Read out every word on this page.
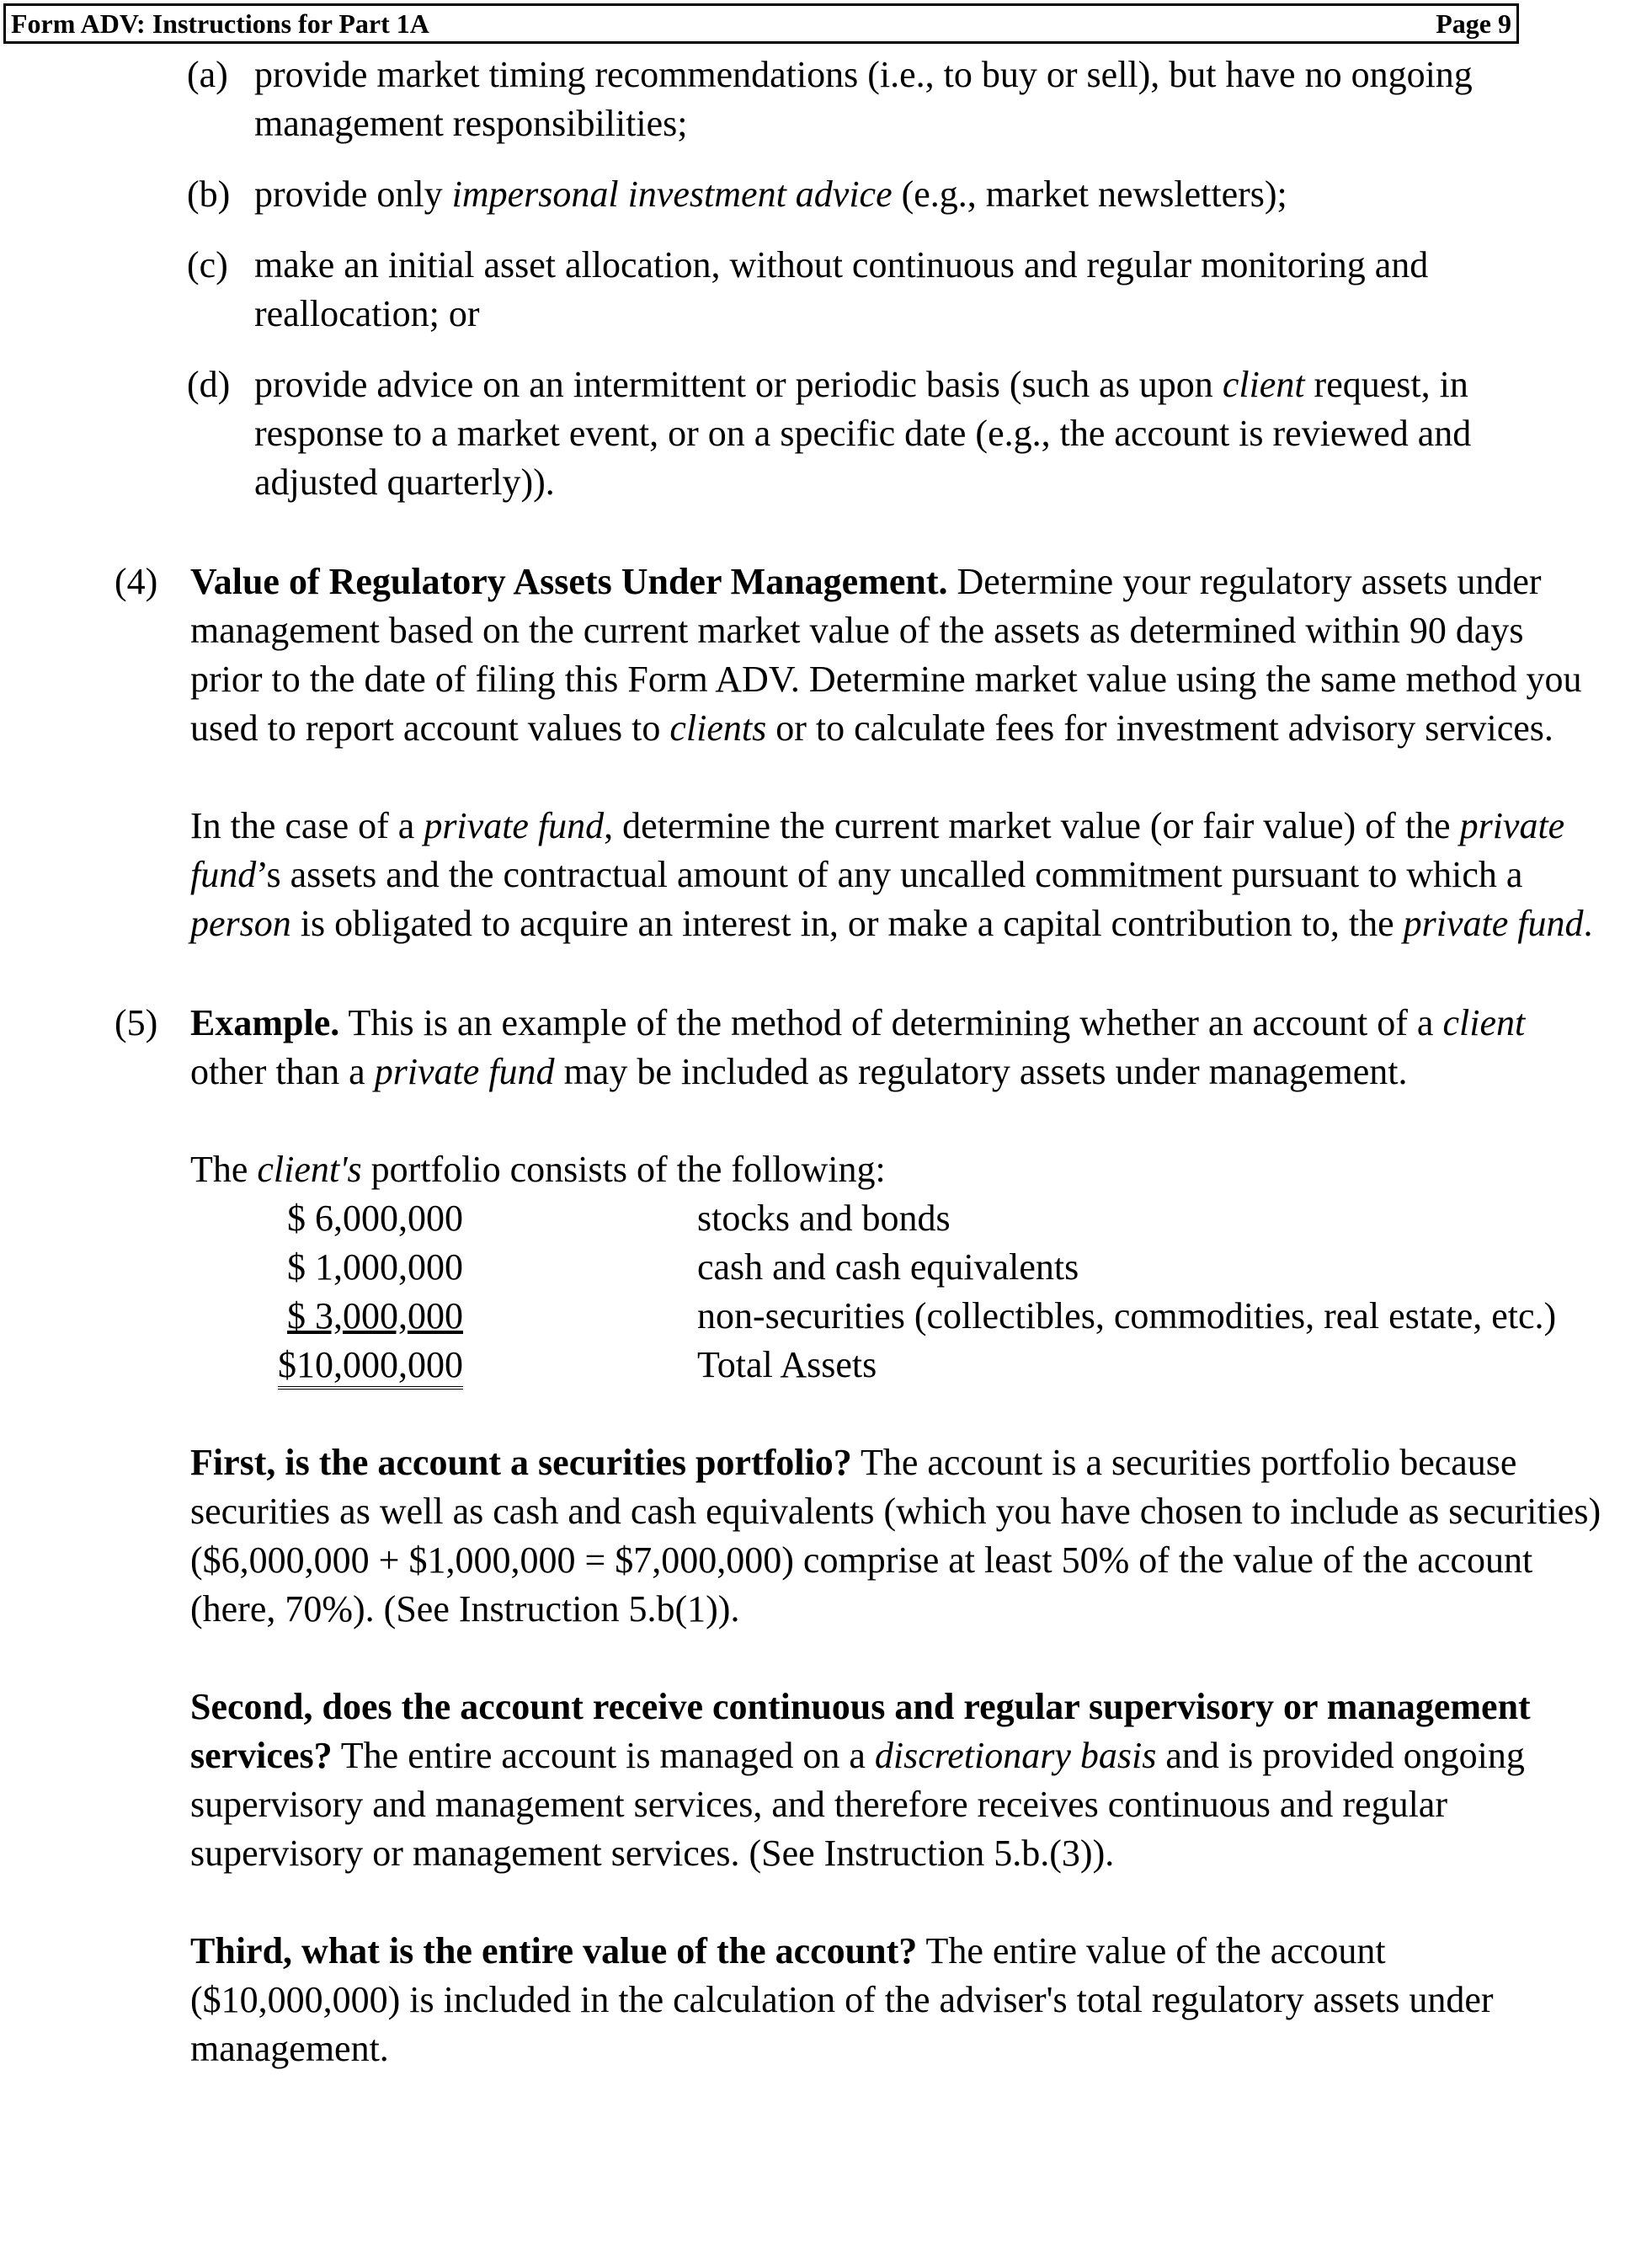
Form ADV: Instructions for Part 1A	Page 9
(a) provide market timing recommendations (i.e., to buy or sell), but have no ongoing management responsibilities;
(b) provide only impersonal investment advice (e.g., market newsletters);
(c) make an initial asset allocation, without continuous and regular monitoring and reallocation; or
(d) provide advice on an intermittent or periodic basis (such as upon client request, in response to a market event, or on a specific date (e.g., the account is reviewed and adjusted quarterly)).
(4) Value of Regulatory Assets Under Management. Determine your regulatory assets under management based on the current market value of the assets as determined within 90 days prior to the date of filing this Form ADV. Determine market value using the same method you used to report account values to clients or to calculate fees for investment advisory services.
In the case of a private fund, determine the current market value (or fair value) of the private fund’s assets and the contractual amount of any uncalled commitment pursuant to which a person is obligated to acquire an interest in, or make a capital contribution to, the private fund.
(5) Example. This is an example of the method of determining whether an account of a client other than a private fund may be included as regulatory assets under management.
The client's portfolio consists of the following:
$ 6,000,000	stocks and bonds
$ 1,000,000	cash and cash equivalents
$ 3,000,000	non-securities (collectibles, commodities, real estate, etc.)
$10,000,000	Total Assets
First, is the account a securities portfolio? The account is a securities portfolio because securities as well as cash and cash equivalents (which you have chosen to include as securities) ($6,000,000 + $1,000,000 = $7,000,000) comprise at least 50% of the value of the account (here, 70%). (See Instruction 5.b(1)).
Second, does the account receive continuous and regular supervisory or management services? The entire account is managed on a discretionary basis and is provided ongoing supervisory and management services, and therefore receives continuous and regular supervisory or management services. (See Instruction 5.b.(3)).
Third, what is the entire value of the account? The entire value of the account ($10,000,000) is included in the calculation of the adviser's total regulatory assets under management.
